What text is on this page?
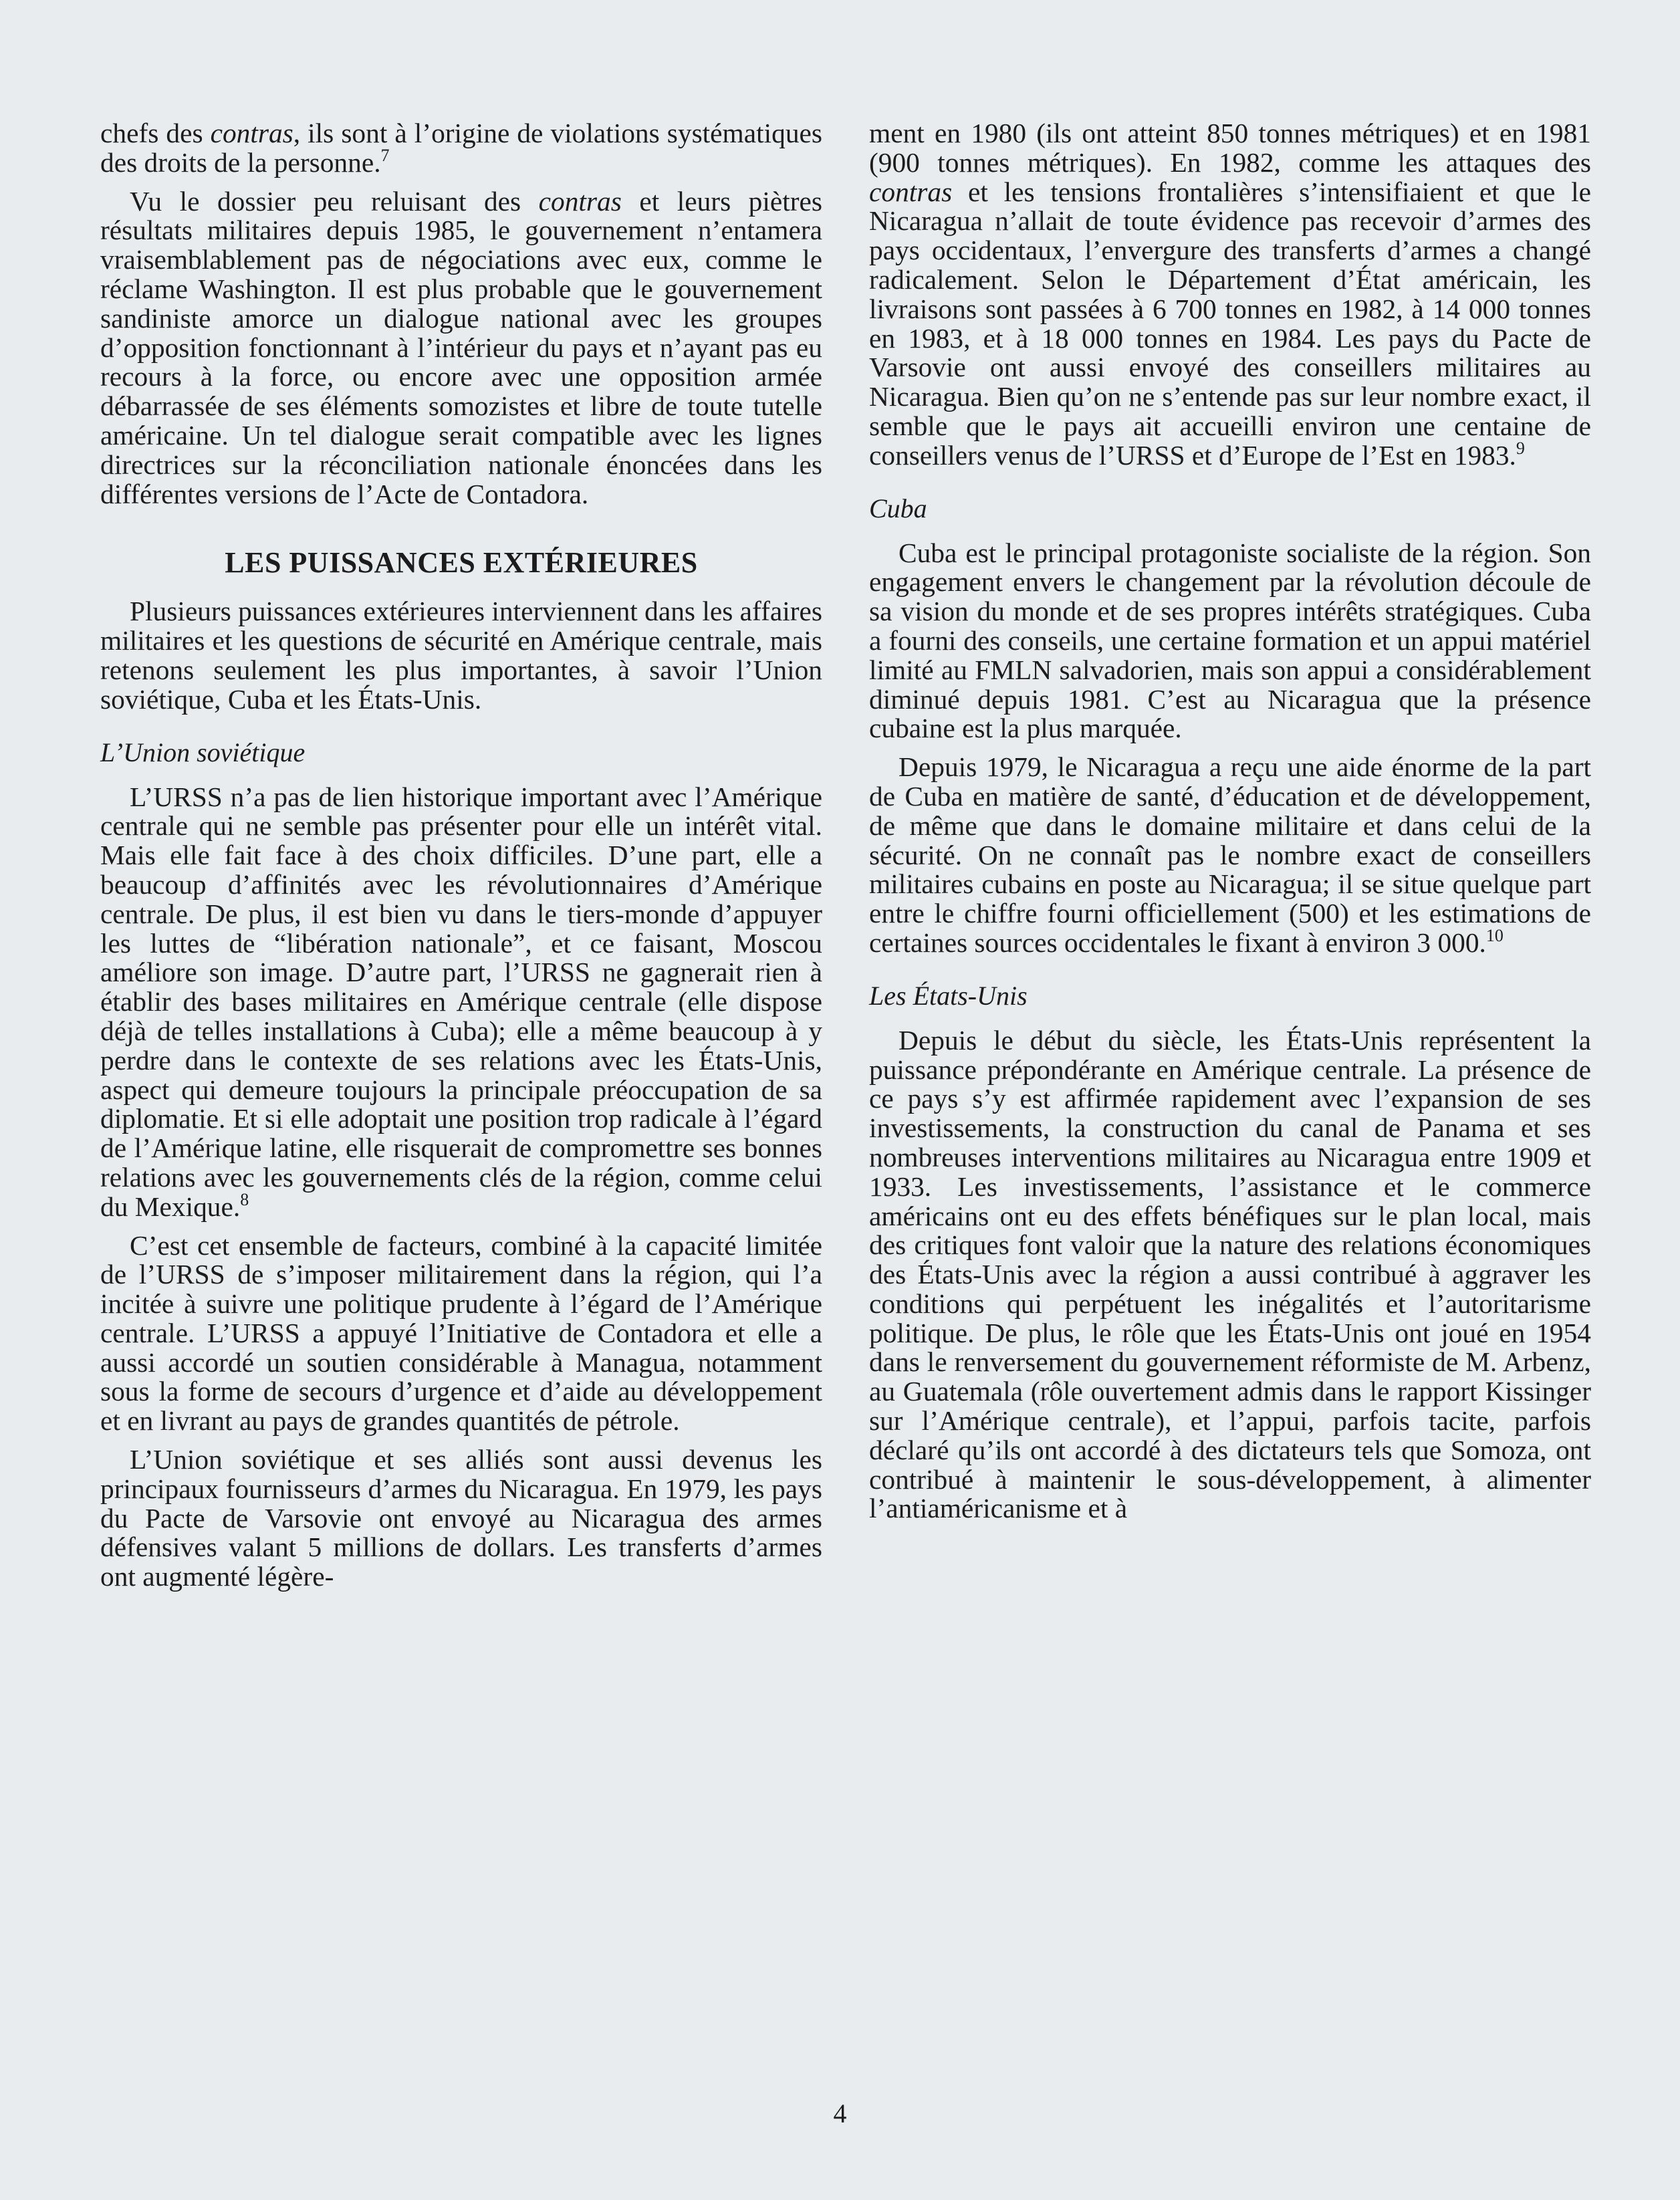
chefs des contras, ils sont à l’origine de violations systématiques des droits de la personne.$^7$

Vu le dossier peu reluisant des contras et leurs piètres résultats militaires depuis 1985, le gouvernement n’entamera vraisemblablement pas de négociations avec eux, comme le réclame Washington. Il est plus probable que le gouvernement sandiniste amorce un dialogue national avec les groupes d’opposition fonctionnant à l’intérieur du pays et n’ayant pas eu recours à la force, ou encore avec une opposition armée débarrassée de ses éléments somozistes et libre de toute tutelle américaine. Un tel dialogue serait compatible avec les lignes directrices sur la réconciliation nationale énoncées dans les différentes versions de l’Acte de Contadora.

LES PUISSANCES EXTÉRIEURES

Plusieurs puissances extérieures interviennent dans les affaires militaires et les questions de sécurité en Amérique centrale, mais retenons seulement les plus importantes, à savoir l’Union soviétique, Cuba et les États-Unis.

L’Union soviétique

L’URSS n’a pas de lien historique important avec l’Amérique centrale qui ne semble pas présenter pour elle un intérêt vital. Mais elle fait face à des choix difficiles. D’une part, elle a beaucoup d’affinités avec les révolutionnaires d’Amérique centrale. De plus, il est bien vu dans le tiers-monde d’appuyer les luttes de “libération nationale”, et ce faisant, Moscou améliore son image. D’autre part, l’URSS ne gagnerait rien à établir des bases militaires en Amérique centrale (elle dispose déjà de telles installations à Cuba); elle a même beaucoup à y perdre dans le contexte de ses relations avec les États-Unis, aspect qui demeure toujours la principale préoccupation de sa diplomatie. Et si elle adoptait une position trop radicale à l’égard de l’Amérique latine, elle risquerait de compromettre ses bonnes relations avec les gouvernements clés de la région, comme celui du Mexique.$^8$

C’est cet ensemble de facteurs, combiné à la capacité limitée de l’URSS de s’imposer militairement dans la région, qui l’a incitée à suivre une politique prudente à l’égard de l’Amérique centrale. L’URSS a appuyé l’Initiative de Contadora et elle a aussi accordé un soutien considérable à Managua, notamment sous la forme de secours d’urgence et d’aide au développement et en livrant au pays de grandes quantités de pétrole.

L’Union soviétique et ses alliés sont aussi devenus les principaux fournisseurs d’armes du Nicaragua. En 1979, les pays du Pacte de Varsovie ont envoyé au Nicaragua des armes défensives valant 5 millions de dollars. Les transferts d’armes ont augmenté légère-

ment en 1980 (ils ont atteint 850 tonnes métriques) et en 1981 (900 tonnes métriques). En 1982, comme les attaques des contras et les tensions frontalières s’intensifiaient et que le Nicaragua n’allait de toute évidence pas recevoir d’armes des pays occidentaux, l’envergure des transferts d’armes a changé radicalement. Selon le Département d’État américain, les livraisons sont passées à 6 700 tonnes en 1982, à 14 000 tonnes en 1983, et à 18 000 tonnes en 1984. Les pays du Pacte de Varsovie ont aussi envoyé des conseillers militaires au Nicaragua. Bien qu’on ne s’entende pas sur leur nombre exact, il semble que le pays ait accueilli environ une centaine de conseillers venus de l’URSS et d’Europe de l’Est en 1983.$^9$

Cuba

Cuba est le principal protagoniste socialiste de la région. Son engagement envers le changement par la révolution découle de sa vision du monde et de ses propres intérêts stratégiques. Cuba a fourni des conseils, une certaine formation et un appui matériel limité au FMLN salvadorien, mais son appui a considérablement diminué depuis 1981. C’est au Nicaragua que la présence cubaine est la plus marquée.

Depuis 1979, le Nicaragua a reçu une aide énorme de la part de Cuba en matière de santé, d’éducation et de développement, de même que dans le domaine militaire et dans celui de la sécurité. On ne connaît pas le nombre exact de conseillers militaires cubains en poste au Nicaragua; il se situe quelque part entre le chiffre fourni officiellement (500) et les estimations de certaines sources occidentales le fixant à environ 3 000.10

Les États-Unis

Depuis le début du siècle, les États-Unis représentent la puissance prépondérante en Amérique centrale. La présence de ce pays s’y est affirmée rapidement avec l’expansion de ses investissements, la construction du canal de Panama et ses nombreuses interventions militaires au Nicaragua entre 1909 et 1933. Les investissements, l’assistance et le commerce américains ont eu des effets bénéfiques sur le plan local, mais des critiques font valoir que la nature des relations économiques des États-Unis avec la région a aussi contribué à aggraver les conditions qui perpétuent les inégalités et l’autoritarisme politique. De plus, le rôle que les États-Unis ont joué en 1954 dans le renversement du gouvernement réformiste de M. Arbenz, au Guatemala (rôle ouvertement admis dans le rapport Kissinger sur l’Amérique centrale), et l’appui, parfois tacite, parfois déclaré qu’ils ont accordé à des dictateurs tels que Somoza, ont contribué à maintenir le sous-développement, à alimenter l’antiaméricanisme et à

4
